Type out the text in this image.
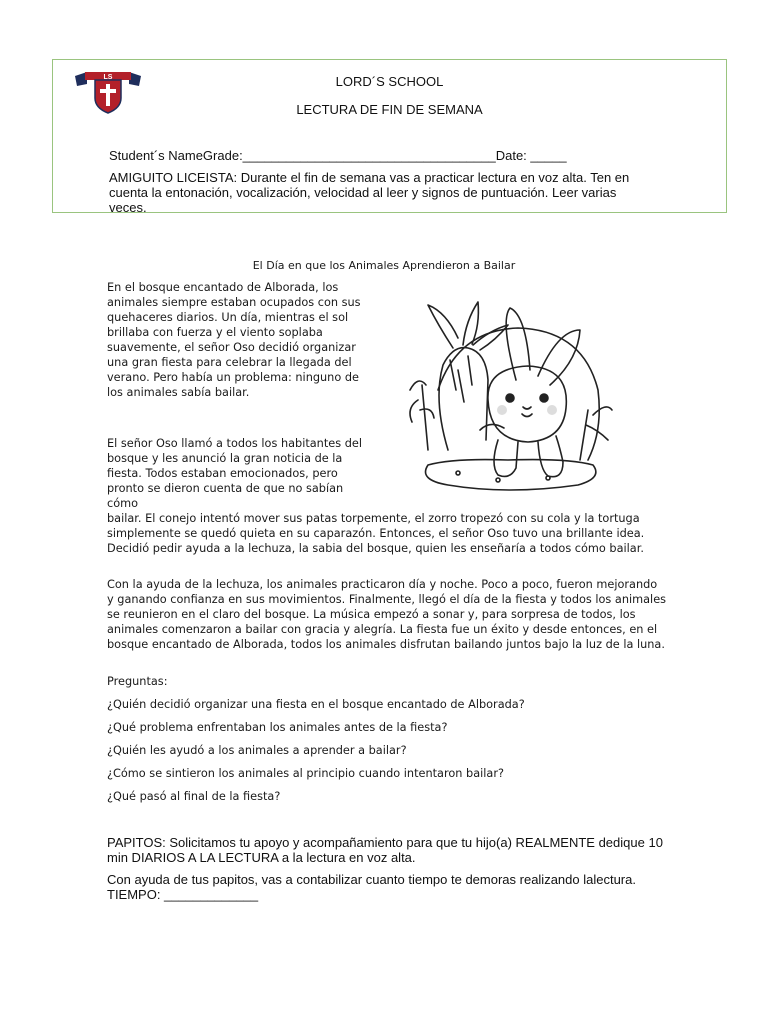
LS	LORD´S SCHOOL
LECTURA DE FIN DE SEMANA
Student´s NameGrade:___________________________________Date: _____
AMIGUITO LICEISTA: Durante el fin de semana vas a practicar lectura en voz alta. Ten en cuenta la entonación, vocalización, velocidad al leer y signos de puntuación. Leer varias veces.
El Día en que los Animales Aprendieron a Bailar
En el bosque encantado de Alborada, los animales siempre estaban ocupados con sus quehaceres diarios. Un día, mientras el sol brillaba con fuerza y el viento soplaba suavemente, el señor Oso decidió organizar una gran fiesta para celebrar la llegada del verano. Pero había un problema: ninguno de los animales sabía bailar.
El señor Oso llamó a todos los habitantes del bosque y les anunció la gran noticia de la fiesta. Todos estaban emocionados, pero pronto se dieron cuenta de que no sabían cómo
bailar. El conejo intentó mover sus patas torpemente, el zorro tropezó con su cola y la tortuga simplemente se quedó quieta en su caparazón. Entonces, el señor Oso tuvo una brillante idea. Decidió pedir ayuda a la lechuza, la sabia del bosque, quien les enseñaría a todos cómo bailar.
Con la ayuda de la lechuza, los animales practicaron día y noche. Poco a poco, fueron mejorando y ganando confianza en sus movimientos. Finalmente, llegó el día de la fiesta y todos los animales se reunieron en el claro del bosque. La música empezó a sonar y, para sorpresa de todos, los animales comenzaron a bailar con gracia y alegría. La fiesta fue un éxito y desde entonces, en el bosque encantado de Alborada, todos los animales disfrutan bailando juntos bajo la luz de la luna.
Preguntas:
¿Quién decidió organizar una fiesta en el bosque encantado de Alborada?
¿Qué problema enfrentaban los animales antes de la fiesta?
¿Quién les ayudó a los animales a aprender a bailar?
¿Cómo se sintieron los animales al principio cuando intentaron bailar?
¿Qué pasó al final de la fiesta?
PAPITOS: Solicitamos tu apoyo y acompañamiento para que tu hijo(a) REALMENTE dedique 10 min DIARIOS A LA LECTURA a la lectura en voz alta.
Con ayuda de tus papitos, vas a contabilizar cuanto tiempo te demoras realizando lalectura. TIEMPO: _____________
